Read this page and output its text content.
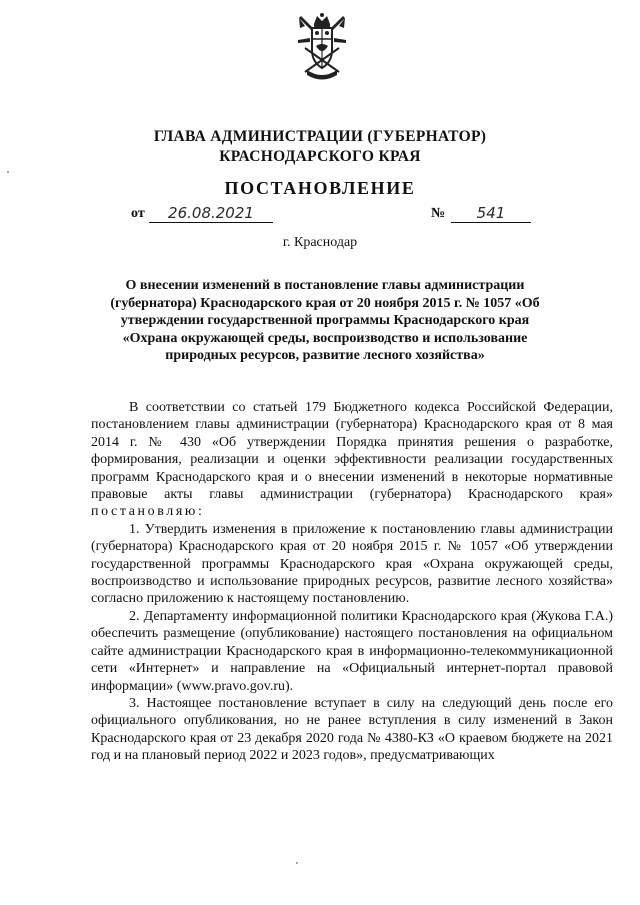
ГЛАВА АДМИНИСТРАЦИИ (ГУБЕРНАТОР)
КРАСНОДАРСКОГО КРАЯ
ПОСТАНОВЛЕНИЕ
от	26.08.2021	№	541
г. Краснодар
О внесении изменений в постановление главы администрации (губернатора) Краснодарского края от 20 ноября 2015 г. № 1057 «Об утверждении государственной программы Краснодарского края «Охрана окружающей среды, воспроизводство и использование природных ресурсов, развитие лесного хозяйства»

В соответствии со статьей 179 Бюджетного кодекса Российской Федерации, постановлением главы администрации (губернатора) Краснодарского края от 8 мая 2014 г. № 430 «Об утверждении Порядка принятия решения о разработке, формирования, реализации и оценки эффективности реализации государственных программ Краснодарского края и о внесении изменений в некоторые нормативные правовые акты главы администрации (губернатора) Краснодарского края» постановляю:

1. Утвердить изменения в приложение к постановлению главы администрации (губернатора) Краснодарского края от 20 ноября 2015 г. № 1057 «Об утверждении государственной программы Краснодарского края «Охрана окружающей среды, воспроизводство и использование природных ресурсов, развитие лесного хозяйства» согласно приложению к настоящему постановлению.

2. Департаменту информационной политики Краснодарского края (Жукова Г.А.) обеспечить размещение (опубликование) настоящего постановления на официальном сайте администрации Краснодарского края в информационно-телекоммуникационной сети «Интернет» и направление на «Официальный интернет-портал правовой информации» (www.pravo.gov.ru).

3. Настоящее постановление вступает в силу на следующий день после его официального опубликования, но не ранее вступления в силу изменений в Закон Краснодарского края от 23 декабря 2020 года № 4380-КЗ «О краевом бюджете на 2021 год и на плановый период 2022 и 2023 годов», предусматривающих
